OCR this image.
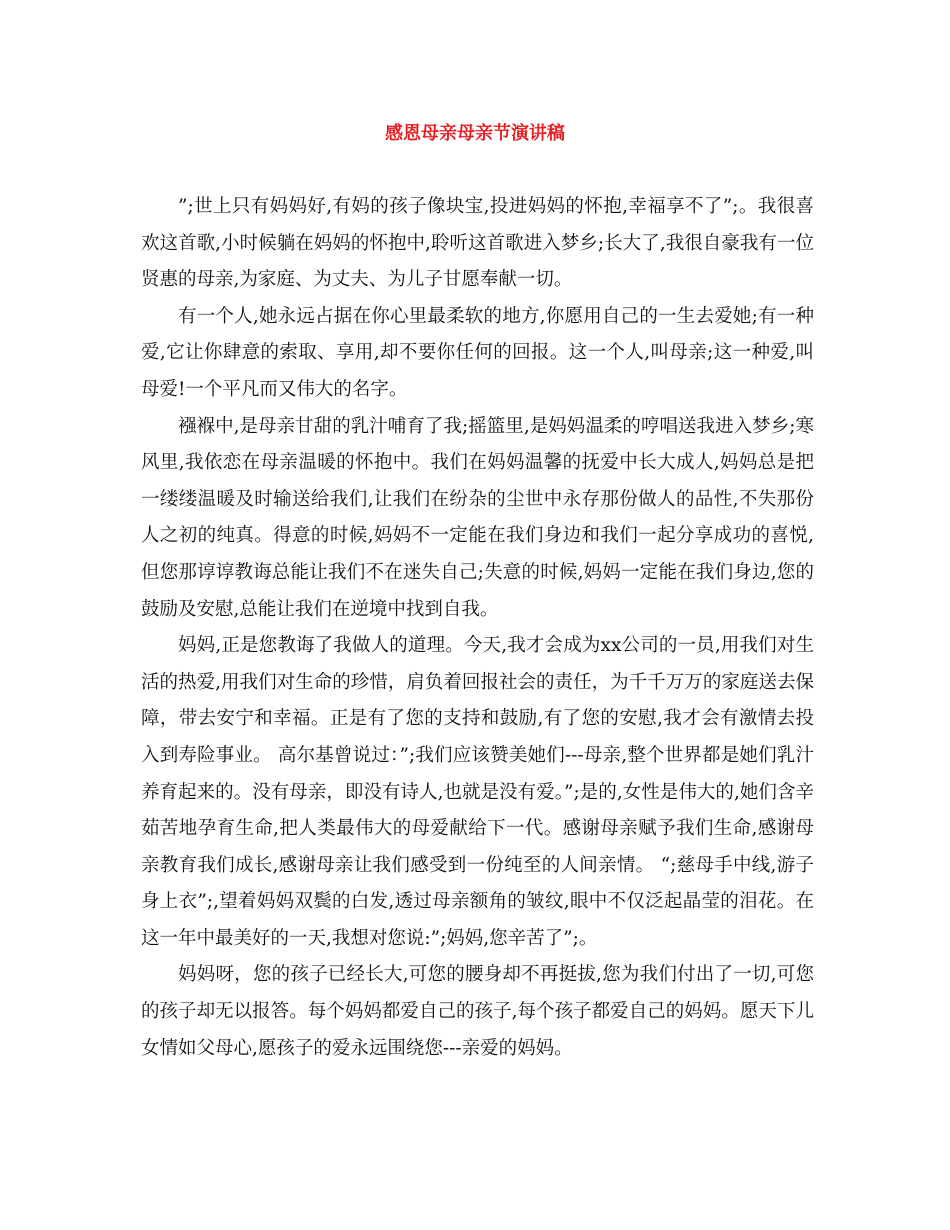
感恩母亲母亲节演讲稿

”;世上只有妈妈好,有妈的孩子像块宝,投进妈妈的怀抱,幸福享不了”;。我很喜欢这首歌,小时候躺在妈妈的怀抱中,聆听这首歌进入梦乡;长大了,我很自豪我有一位贤惠的母亲,为家庭、为丈夫、为儿子甘愿奉献一切。

有一个人,她永远占据在你心里最柔软的地方,你愿用自己的一生去爱她;有一种爱,它让你肆意的索取、享用,却不要你任何的回报。这一个人,叫母亲;这一种爱,叫母爱!一个平凡而又伟大的名字。

襁褓中,是母亲甘甜的乳汁哺育了我;摇篮里,是妈妈温柔的哼唱送我进入梦乡;寒风里,我依恋在母亲温暖的怀抱中。我们在妈妈温馨的抚爱中长大成人,妈妈总是把一缕缕温暖及时输送给我们,让我们在纷杂的尘世中永存那份做人的品性,不失那份人之初的纯真。得意的时候,妈妈不一定能在我们身边和我们一起分享成功的喜悦,但您那谆谆教诲总能让我们不在迷失自己;失意的时候,妈妈一定能在我们身边,您的鼓励及安慰,总能让我们在逆境中找到自我。

妈妈,正是您教诲了我做人的道理。今天,我才会成为xx公司的一员,用我们对生活的热爱,用我们对生命的珍惜，肩负着回报社会的责任，为千千万万的家庭送去保障，带去安宁和幸福。正是有了您的支持和鼓励,有了您的安慰,我才会有激情去投入到寿险事业。 高尔基曾说过：”;我们应该赞美她们---母亲,整个世界都是她们乳汁养育起来的。没有母亲，即没有诗人,也就是没有爱。”;是的,女性是伟大的,她们含辛茹苦地孕育生命,把人类最伟大的母爱献给下一代。感谢母亲赋予我们生命,感谢母亲教育我们成长,感谢母亲让我们感受到一份纯至的人间亲情。 “;慈母手中线,游子身上衣”;,望着妈妈双鬓的白发,透过母亲额角的皱纹,眼中不仅泛起晶莹的泪花。在这一年中最美好的一天,我想对您说:”;妈妈,您辛苦了”;。

妈妈呀，您的孩子已经长大,可您的腰身却不再挺拔,您为我们付出了一切,可您的孩子却无以报答。每个妈妈都爱自己的孩子,每个孩子都爱自己的妈妈。愿天下儿女情如父母心,愿孩子的爱永远围绕您---亲爱的妈妈。
